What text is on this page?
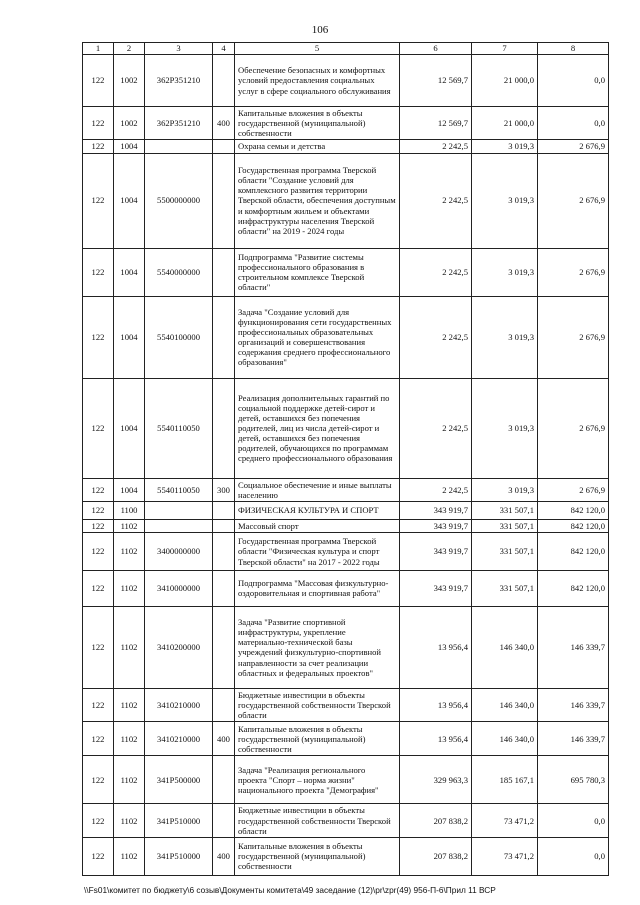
106
1	2	3	4	5	6	7	8
122	1002	362P351210		Обеспечение безопасных и комфортных условий предоставления социальных услуг в сфере социального обслуживания	12 569,7	21 000,0	0,0
122	1002	362P351210	400	Капитальные вложения в объекты государственной (муниципальной) собственности	12 569,7	21 000,0	0,0
122	1004			Охрана семьи и детства	2 242,5	3 019,3	2 676,9
122	1004	5500000000		Государственная программа Тверской области "Создание условий для комплексного развития территории Тверской области, обеспечения доступным и комфортным жильем и объектами инфраструктуры населения Тверской области" на 2019 - 2024 годы	2 242,5	3 019,3	2 676,9
122	1004	5540000000		Подпрограмма "Развитие системы профессионального образования в строительном комплексе Тверской области"	2 242,5	3 019,3	2 676,9
122	1004	5540100000		Задача "Создание условий для функционирования сети государственных профессиональных образовательных организаций и совершенствования содержания среднего профессионального образования"	2 242,5	3 019,3	2 676,9
122	1004	5540110050		Реализация дополнительных гарантий по социальной поддержке детей-сирот и детей, оставшихся без попечения родителей, лиц из числа детей-сирот и детей, оставшихся без попечения родителей, обучающихся по программам среднего профессионального образования	2 242,5	3 019,3	2 676,9
122	1004	5540110050	300	Социальное обеспечение и иные выплаты населению	2 242,5	3 019,3	2 676,9
122	1100			ФИЗИЧЕСКАЯ КУЛЬТУРА И СПОРТ	343 919,7	331 507,1	842 120,0
122	1102			Массовый спорт	343 919,7	331 507,1	842 120,0
122	1102	3400000000		Государственная программа Тверской области "Физическая культура и спорт Тверской области" на 2017 - 2022 годы	343 919,7	331 507,1	842 120,0
122	1102	3410000000		Подпрограмма "Массовая физкультурно-оздоровительная и спортивная работа"	343 919,7	331 507,1	842 120,0
122	1102	3410200000		Задача "Развитие спортивной инфраструктуры, укрепление материально-технической базы учреждений физкультурно-спортивной направленности за счет реализации областных и федеральных проектов"	13 956,4	146 340,0	146 339,7
122	1102	3410210000		Бюджетные инвестиции в объекты государственной собственности Тверской области	13 956,4	146 340,0	146 339,7
122	1102	3410210000	400	Капитальные вложения в объекты государственной (муниципальной) собственности	13 956,4	146 340,0	146 339,7
122	1102	341P500000		Задача "Реализация регионального проекта "Спорт – норма жизни" национального проекта "Демография"	329 963,3	185 167,1	695 780,3
122	1102	341P510000		Бюджетные инвестиции в объекты государственной собственности Тверской области	207 838,2	73 471,2	0,0
122	1102	341P510000	400	Капитальные вложения в объекты государственной (муниципальной) собственности	207 838,2	73 471,2	0,0
\\Fs01\комитет по бюджету\6 созыв\Документы комитета\49 заседание (12)\pr\zpr(49) 956-П-6\Прил 11 ВСР
